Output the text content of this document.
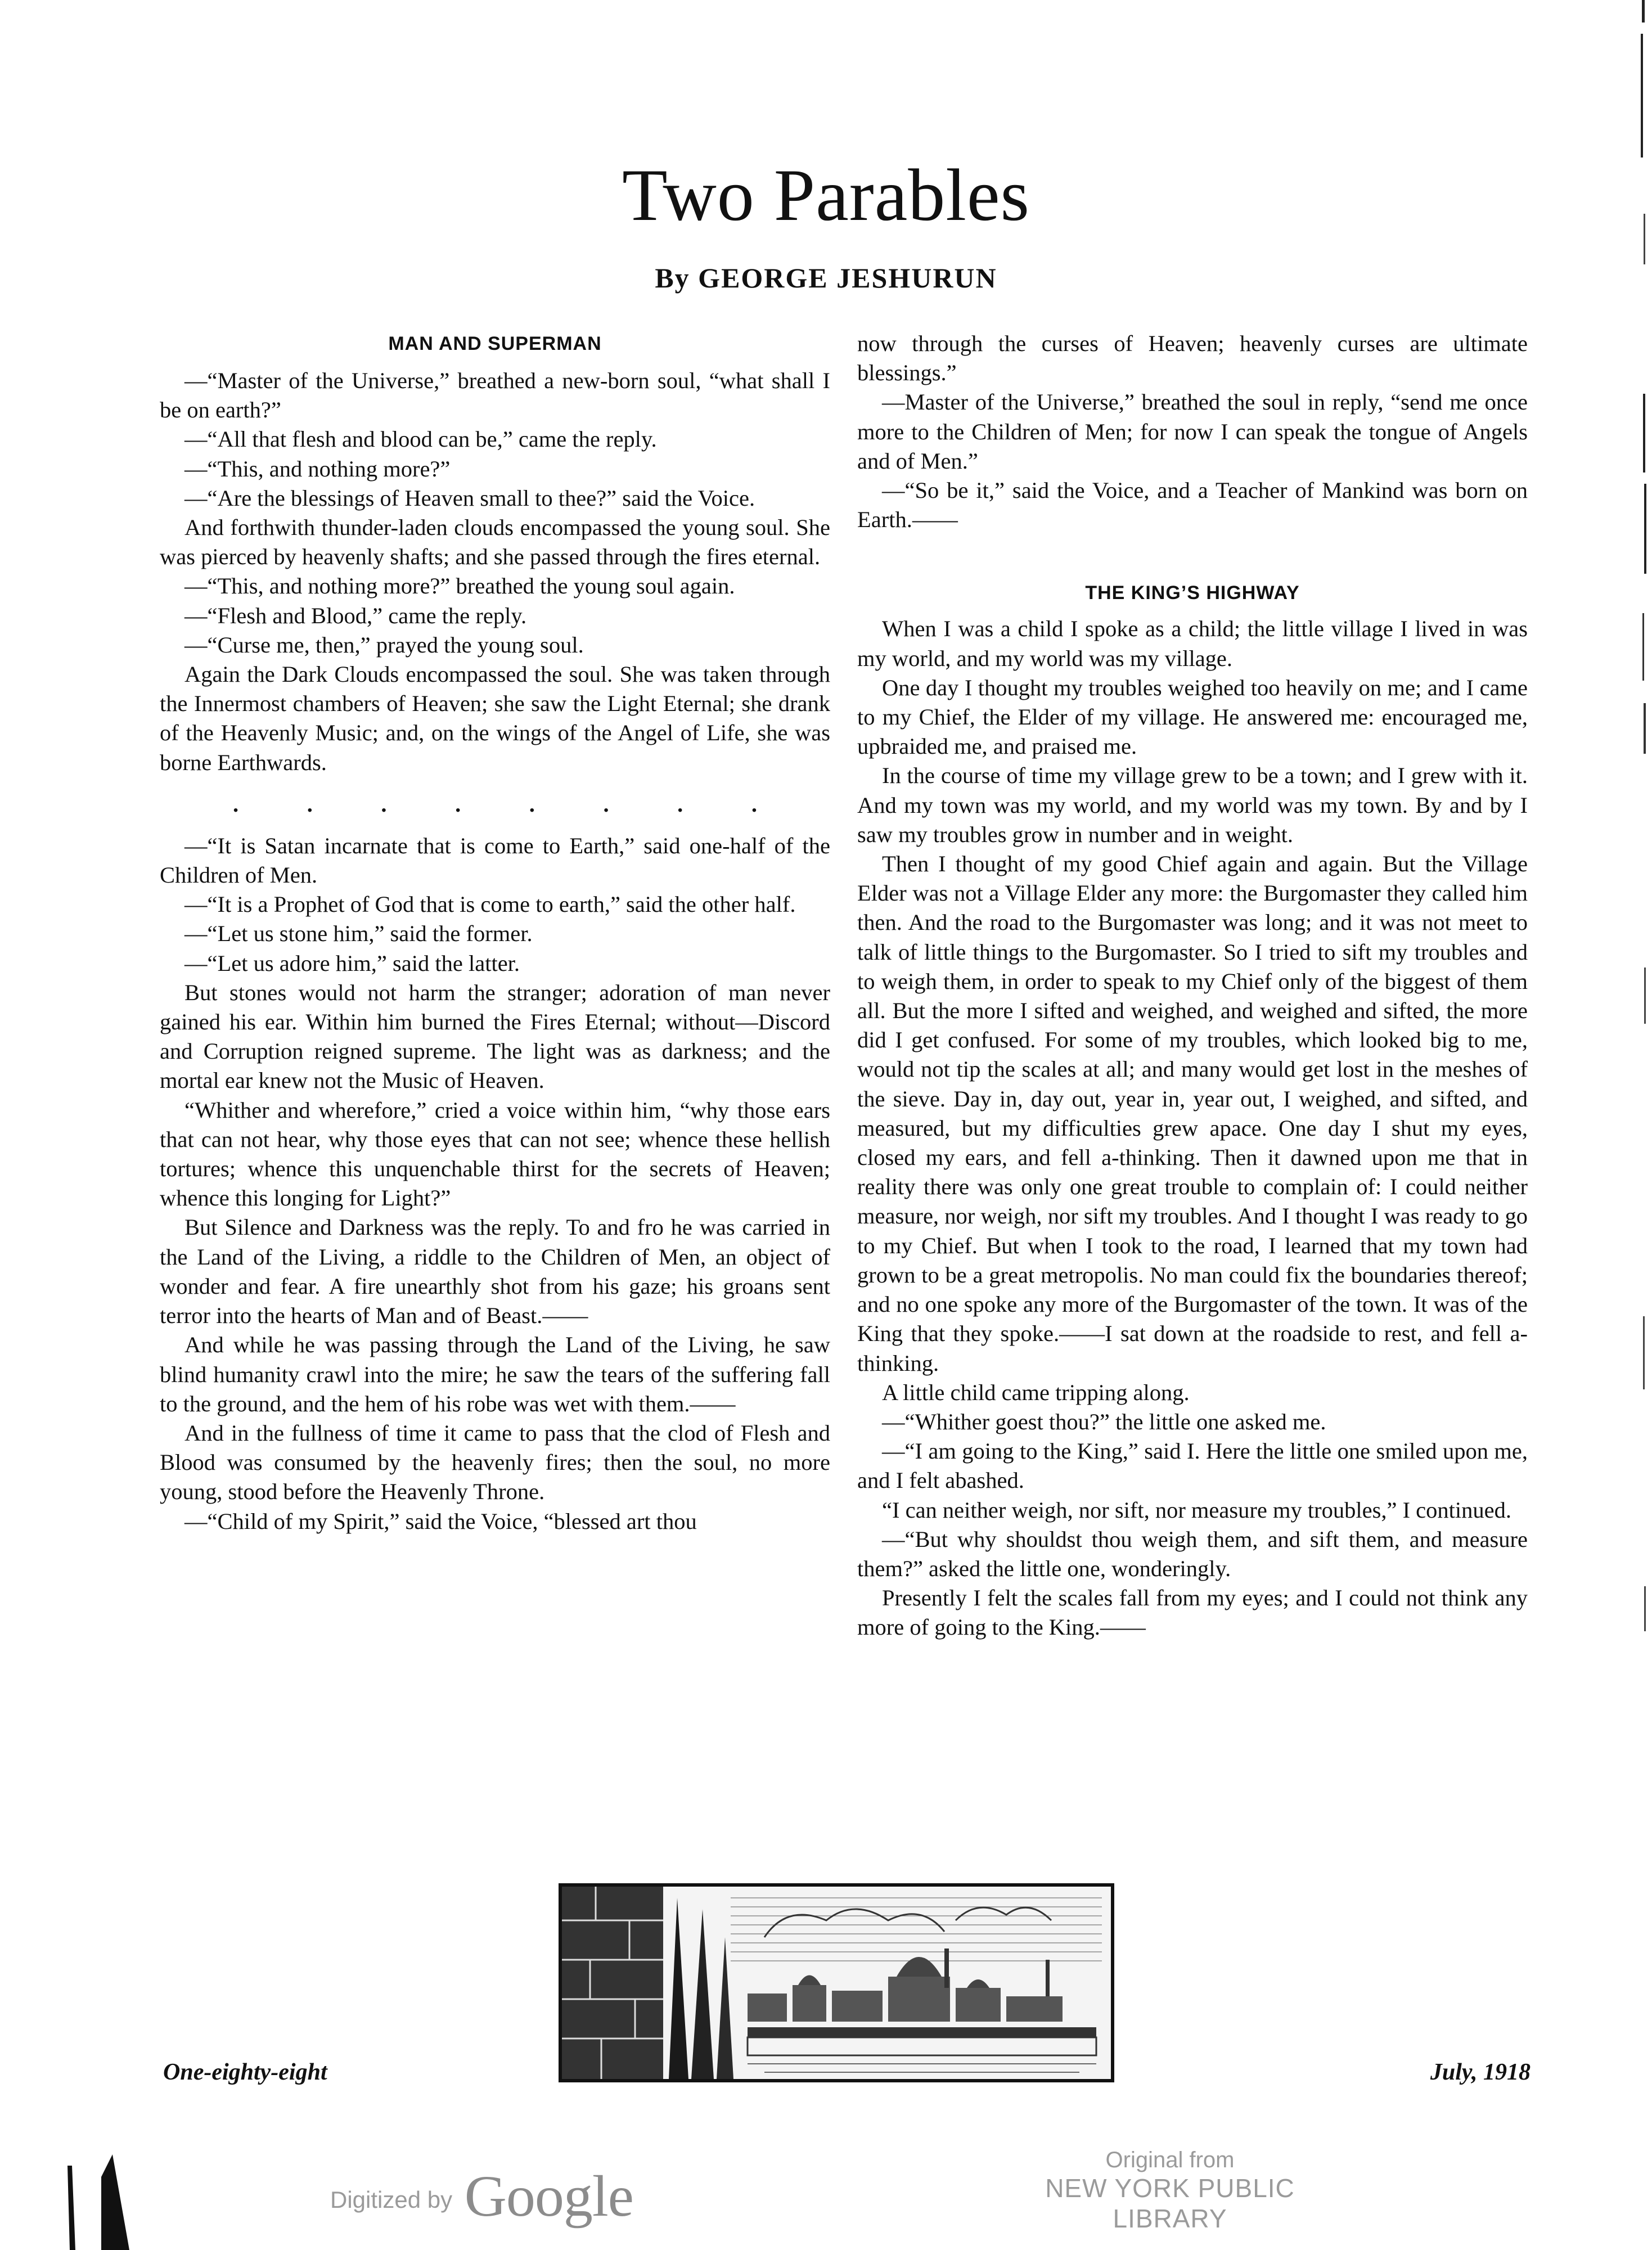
Two Parables

By GEORGE JESHURUN

MAN AND SUPERMAN

—“Master of the Universe,” breathed a new-born soul, “what shall I be on earth?”

—“All that flesh and blood can be,” came the reply.

—“This, and nothing more?”

—“Are the blessings of Heaven small to thee?” said the Voice.

And forthwith thunder-laden clouds encompassed the young soul. She was pierced by heavenly shafts; and she passed through the fires eternal.

—“This, and nothing more?” breathed the young soul again.

—“Flesh and Blood,” came the reply.

—“Curse me, then,” prayed the young soul.

Again the Dark Clouds encompassed the soul. She was taken through the Innermost chambers of Heaven; she saw the Light Eternal; she drank of the Heavenly Music; and, on the wings of the Angel of Life, she was borne Earthwards.

.	.	.	.	.	.	.	.

—“It is Satan incarnate that is come to Earth,” said one-half of the Children of Men.

—“It is a Prophet of God that is come to earth,” said the other half.

—“Let us stone him,” said the former.

—“Let us adore him,” said the latter.

But stones would not harm the stranger; adoration of man never gained his ear. Within him burned the Fires Eternal; without—Discord and Corruption reigned supreme. The light was as darkness; and the mortal ear knew not the Music of Heaven.

“Whither and wherefore,” cried a voice within him, “why those ears that can not hear, why those eyes that can not see; whence these hellish tortures; whence this unquenchable thirst for the secrets of Heaven; whence this longing for Light?”

But Silence and Darkness was the reply. To and fro he was carried in the Land of the Living, a riddle to the Children of Men, an object of wonder and fear. A fire unearthly shot from his gaze; his groans sent terror into the hearts of Man and of Beast.——

And while he was passing through the Land of the Living, he saw blind humanity crawl into the mire; he saw the tears of the suffering fall to the ground, and the hem of his robe was wet with them.——

And in the fullness of time it came to pass that the clod of Flesh and Blood was consumed by the heavenly fires; then the soul, no more young, stood before the Heavenly Throne.

—“Child of my Spirit,” said the Voice, “blessed art thou

now through the curses of Heaven; heavenly curses are ultimate blessings.”

—Master of the Universe,” breathed the soul in reply, “send me once more to the Children of Men; for now I can speak the tongue of Angels and of Men.”

—“So be it,” said the Voice, and a Teacher of Mankind was born on Earth.——

THE KING’S HIGHWAY

When I was a child I spoke as a child; the little village I lived in was my world, and my world was my village.

One day I thought my troubles weighed too heavily on me; and I came to my Chief, the Elder of my village. He answered me: encouraged me, upbraided me, and praised me.

In the course of time my village grew to be a town; and I grew with it. And my town was my world, and my world was my town. By and by I saw my troubles grow in number and in weight.

Then I thought of my good Chief again and again. But the Village Elder was not a Village Elder any more: the Burgomaster they called him then. And the road to the Burgomaster was long; and it was not meet to talk of little things to the Burgomaster. So I tried to sift my troubles and to weigh them, in order to speak to my Chief only of the biggest of them all. But the more I sifted and weighed, and weighed and sifted, the more did I get confused. For some of my troubles, which looked big to me, would not tip the scales at all; and many would get lost in the meshes of the sieve. Day in, day out, year in, year out, I weighed, and sifted, and measured, but my difficulties grew apace. One day I shut my eyes, closed my ears, and fell a-thinking. Then it dawned upon me that in reality there was only one great trouble to complain of: I could neither measure, nor weigh, nor sift my troubles. And I thought I was ready to go to my Chief. But when I took to the road, I learned that my town had grown to be a great metropolis. No man could fix the boundaries thereof; and no one spoke any more of the Burgomaster of the town. It was of the King that they spoke.——I sat down at the roadside to rest, and fell a-thinking.

A little child came tripping along.

—“Whither goest thou?” the little one asked me.

—“I am going to the King,” said I. Here the little one smiled upon me, and I felt abashed.

“I can neither weigh, nor sift, nor measure my troubles,” I continued.

—“But why shouldst thou weigh them, and sift them, and measure them?” asked the little one, wonderingly.

Presently I felt the scales fall from my eyes; and I could not think any more of going to the King.——

One-eighty-eight	July, 1918

Digitized by Google
Original from
NEW YORK PUBLIC LIBRARY
